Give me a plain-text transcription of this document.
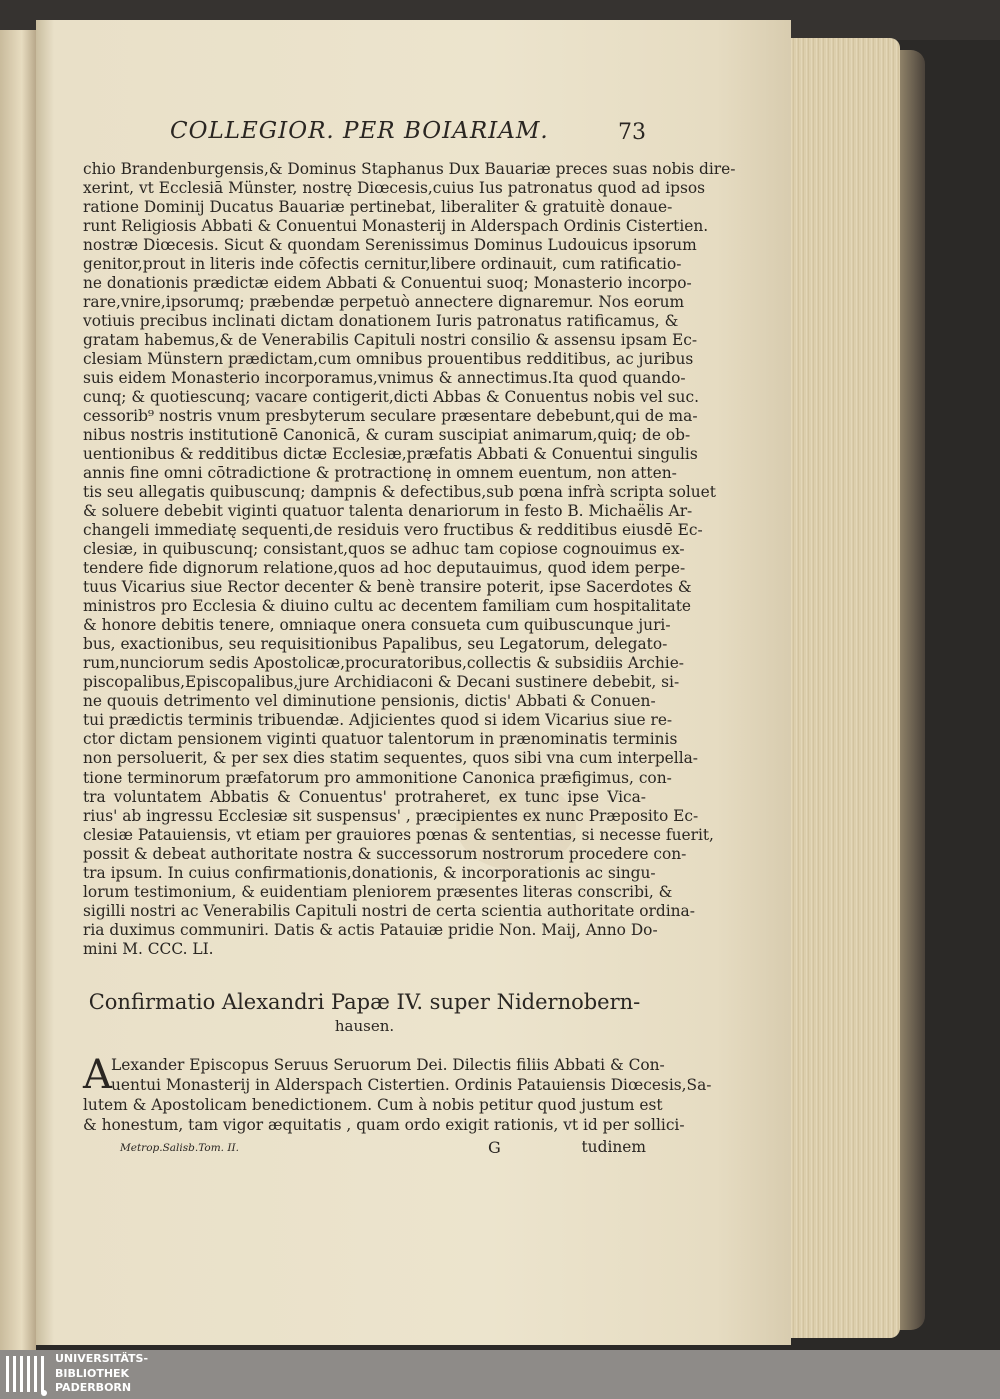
COLLEGIOR. PER BOIARIAM.	73
chio Brandenburgensis,& Dominus Staphanus Dux Bauariæ preces suas nobis dire-
xerint, vt Ecclesiā Münster, nostrę Diœcesis,cuius Ius patronatus quod ad ipsos
ratione Dominij Ducatus Bauariæ pertinebat, liberaliter & gratuitè donaue-
runt Religiosis Abbati & Conuentui Monasterij in Alderspach Ordinis Cistertien.
nostræ Diœcesis. Sicut & quondam Serenissimus Dominus Ludouicus ipsorum
genitor,prout in literis inde cōfectis cernitur,libere ordinauit, cum ratificatio-
ne donationis prædictæ eidem Abbati & Conuentui suoq; Monasterio incorpo-
rare,vnire,ipsorumq; præbendæ perpetuò annectere dignaremur. Nos eorum
votiuis precibus inclinati dictam donationem Iuris patronatus ratificamus, &
gratam habemus,& de Venerabilis Capituli nostri consilio & assensu ipsam Ec-
clesiam Münstern prædictam,cum omnibus prouentibus redditibus, ac juribus
suis eidem Monasterio incorporamus,vnimus & annectimus.Ita quod quando-
cunq; & quotiescunq; vacare contigerit,dicti Abbas & Conuentus nobis vel suc.
cessorib⁹ nostris vnum presbyterum seculare præsentare debebunt,qui de ma-
nibus nostris institutionē Canonicā, & curam suscipiat animarum,quiq; de ob-
uentionibus & redditibus dictæ Ecclesiæ,præfatis Abbati & Conuentui singulis
annis fine omni cōtradictione & protractionę in omnem euentum, non atten-
tis seu allegatis quibuscunq; dampnis & defectibus,sub pœna infrà scripta soluet
& soluere debebit viginti quatuor talenta denariorum in festo B. Michaëlis Ar-
changeli immediatę sequenti,de residuis vero fructibus & redditibus eiusdē Ec-
clesiæ, in quibuscunq; consistant,quos se adhuc tam copiose cognouimus ex-
tendere fide dignorum relatione,quos ad hoc deputauimus, quod idem perpe-
tuus Vicarius siue Rector decenter & benè transire poterit, ipse Sacerdotes &
ministros pro Ecclesia & diuino cultu ac decentem familiam cum hospitalitate
& honore debitis tenere, omniaque onera consueta cum quibuscunque juri-
bus, exactionibus, seu requisitionibus Papalibus, seu Legatorum, delegato-
rum,nunciorum sedis Apostolicæ,procuratoribus,collectis & subsidiis Archie-
piscopalibus,Episcopalibus,jure Archidiaconi & Decani sustinere debebit, si-
ne quouis detrimento vel diminutione pensionis, dictis' Abbati & Conuen-
tui prædictis terminis tribuendæ. Adjicientes quod si idem Vicarius siue re-
ctor dictam pensionem viginti quatuor talentorum in prænominatis terminis
non persoluerit, & per sex dies statim sequentes, quos sibi vna cum interpella-
tione terminorum præfatorum pro ammonitione Canonica præfigimus, con-
tra voluntatem Abbatis & Conuentus' protraheret, ex tunc ipse Vica-
rius' ab ingressu Ecclesiæ sit suspensus' , præcipientes ex nunc Præposito Ec-
clesiæ Patauiensis, vt etiam per grauiores pœnas & sententias, si necesse fuerit,
possit & debeat authoritate nostra & successorum nostrorum procedere con-
tra ipsum. In cuius confirmationis,donationis, & incorporationis ac singu-
lorum testimonium, & euidentiam pleniorem præsentes literas conscribi, &
sigilli nostri ac Venerabilis Capituli nostri de certa scientia authoritate ordina-
ria duximus communiri. Datis & actis Patauiæ pridie Non. Maij, Anno Do-
mini M. CCC. LI.
Confirmatio Alexandri Papæ IV. super Nidernobern-
hausen.
A Lexander Episcopus Seruus Seruorum Dei. Dilectis filiis Abbati & Con-
uentui Monasterij in Alderspach Cistertien. Ordinis Patauiensis Diœcesis,Sa-
lutem & Apostolicam benedictionem. Cum à nobis petitur quod justum est
& honestum, tam vigor æquitatis , quam ordo exigit rationis, vt id per sollici-
Metrop.Salisb.Tom. II.	G	tudinem
UNIVERSITÄTS-
BIBLIOTHEK
PADERBORN
